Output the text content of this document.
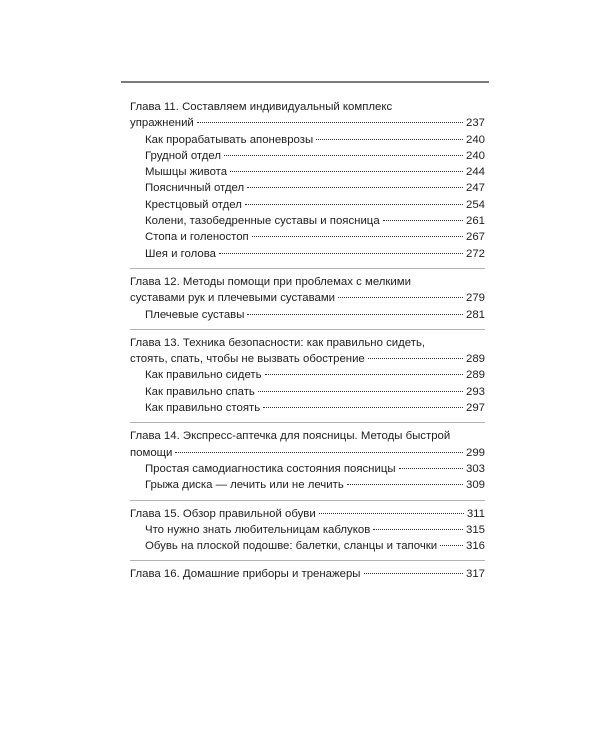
Глава 11. Составляем индивидуальный комплекс
упражнений	237
Как прорабатывать апоневрозы	240
Грудной отдел	240
Мышцы живота	244
Поясничный отдел	247
Крестцовый отдел	254
Колени, тазобедренные суставы и поясница	261
Стопа и голеностоп	267
Шея и голова	272
Глава 12. Методы помощи при проблемах с мелкими
суставами рук и плечевыми суставами	279
Плечевые суставы	281
Глава 13. Техника безопасности: как правильно сидеть,
стоять, спать, чтобы не вызвать обострение	289
Как правильно сидеть	289
Как правильно спать	293
Как правильно стоять	297
Глава 14. Экспресс-аптечка для поясницы. Методы быстрой
помощи	299
Простая самодиагностика состояния поясницы	303
Грыжа диска — лечить или не лечить	309
Глава 15. Обзор правильной обуви	311
Что нужно знать любительницам каблуков	315
Обувь на плоской подошве: балетки, сланцы и тапочки	316
Глава 16. Домашние приборы и тренажеры	317
